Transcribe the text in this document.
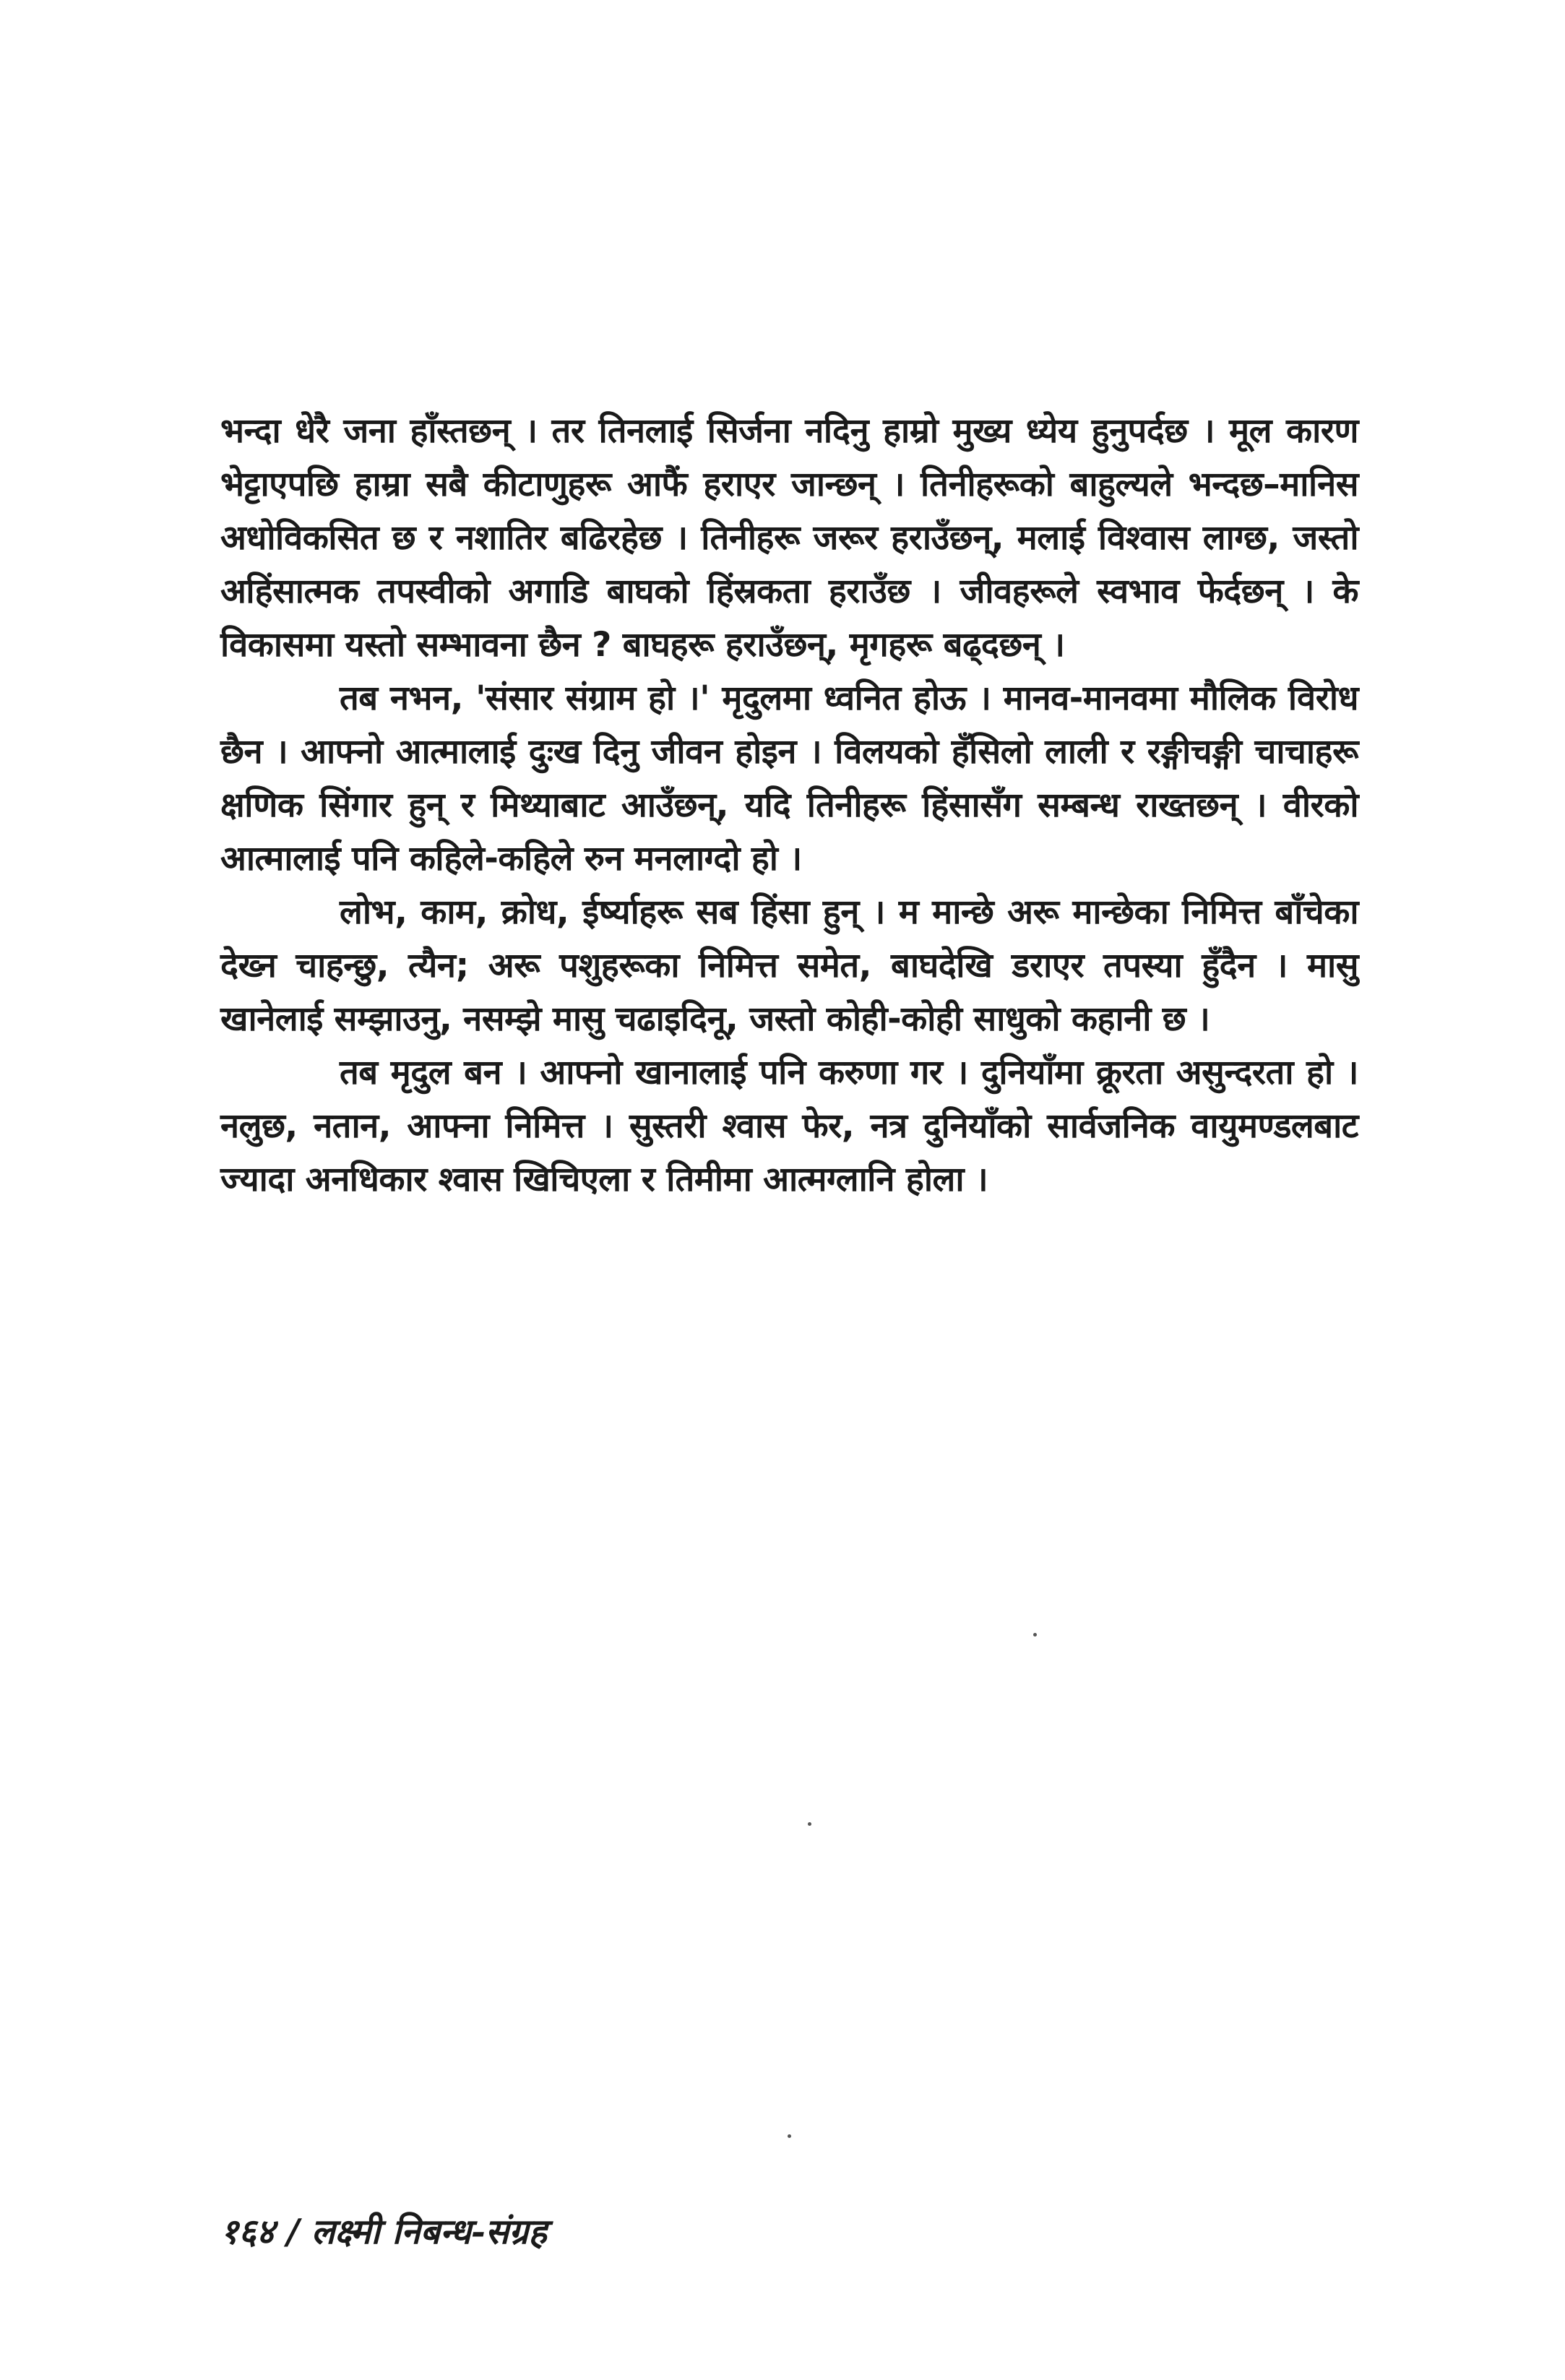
भन्दा धेरै जना हाँस्तछन् । तर तिनलाई सिर्जना नदिनु हाम्रो मुख्य ध्येय हुनुपर्दछ । मूल कारण भेट्टाएपछि हाम्रा सबै कीटाणुहरू आफैं हराएर जान्छन् । तिनीहरूको बाहुल्यले भन्दछ–मानिस अधोविकसित छ र नशातिर बढिरहेछ । तिनीहरू जरूर हराउँछन्, मलाई विश्वास लाग्छ, जस्तो अहिंसात्मक तपस्वीको अगाडि बाघको हिंस्रकता हराउँछ । जीवहरूले स्वभाव फेर्दछन् । के विकासमा यस्तो सम्भावना छैन ? बाघहरू हराउँछन्, मृगहरू बढ्दछन् ।

तब नभन, 'संसार संग्राम हो ।' मृदुलमा ध्वनित होऊ । मानव-मानवमा मौलिक विरोध छैन । आफ्नो आत्मालाई दुःख दिनु जीवन होइन । विलयको हँसिलो लाली र रङ्गीचङ्गी चाचाहरू क्षणिक सिंगार हुन् र मिथ्याबाट आउँछन्, यदि तिनीहरू हिंसासँग सम्बन्ध राख्तछन् । वीरको आत्मालाई पनि कहिले-कहिले रुन मनलाग्दो हो ।

लोभ, काम, क्रोध, ईर्ष्याहरू सब हिंसा हुन् । म मान्छे अरू मान्छेका निमित्त बाँचेका देख्न चाहन्छु, त्यैन; अरू पशुहरूका निमित्त समेत, बाघदेखि डराएर तपस्या हुँदैन । मासु खानेलाई सम्झाउनु, नसम्झे मासु चढाइदिनू, जस्तो कोही-कोही साधुको कहानी छ ।

तब मृदुल बन । आफ्नो खानालाई पनि करुणा गर । दुनियाँमा क्रूरता असुन्दरता हो । नलुछ, नतान, आफ्ना निमित्त । सुस्तरी श्वास फेर, नत्र दुनियाँको सार्वजनिक वायुमण्डलबाट ज्यादा अनधिकार श्वास खिचिएला र तिमीमा आत्मग्लानि होला ।

१६४ / लक्ष्मी निबन्ध-संग्रह
